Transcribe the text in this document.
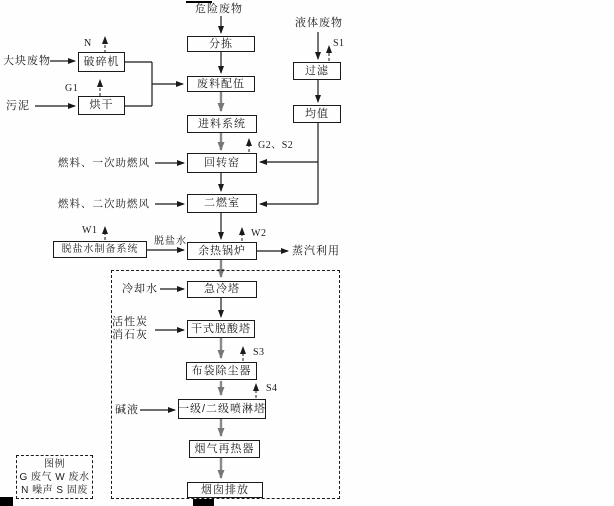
分拣
废料配伍
进料系统
回转窑
二燃室
余热锅炉
急冷塔
干式脱酸塔
布袋除尘器
一级/二级喷淋塔
烟气再热器
烟囱排放
破碎机
烘干
过滤
均值
脱盐水制备系统
危险废物
液体废物
大块废物
污泥
燃料、一次助燃风
燃料、二次助燃风
脱盐水
蒸汽利用
冷却水
活性炭
消石灰
碱液
N
G1
G2、S2
S1
W1	W2
S3
S4
图例
G 废气 W 废水
N 噪声 S 固废
